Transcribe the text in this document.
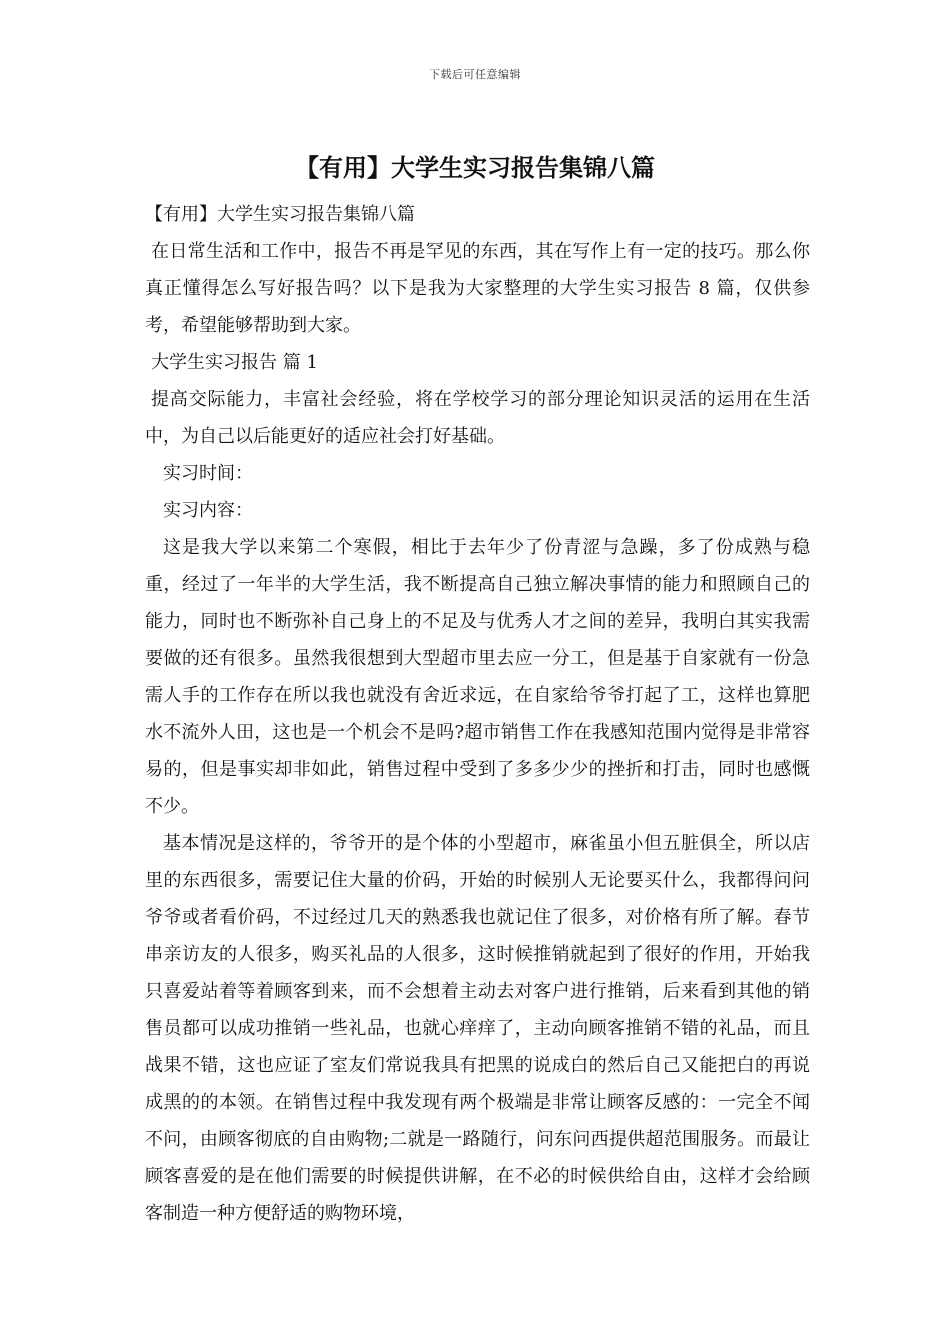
下载后可任意编辑
【有用】大学生实习报告集锦八篇

【有用】大学生实习报告集锦八篇

在日常生活和工作中，报告不再是罕见的东西，其在写作上有一定的技巧。那么你真正懂得怎么写好报告吗？以下是我为大家整理的大学生实习报告 8 篇，仅供参考，希望能够帮助到大家。

大学生实习报告 篇 1

提高交际能力，丰富社会经验，将在学校学习的部分理论知识灵活的运用在生活中，为自己以后能更好的适应社会打好基础。

实习时间：

实习内容：

这是我大学以来第二个寒假，相比于去年少了份青涩与急躁，多了份成熟与稳重，经过了一年半的大学生活，我不断提高自己独立解决事情的能力和照顾自己的能力，同时也不断弥补自己身上的不足及与优秀人才之间的差异，我明白其实我需要做的还有很多。虽然我很想到大型超市里去应一分工，但是基于自家就有一份急需人手的工作存在所以我也就没有舍近求远，在自家给爷爷打起了工，这样也算肥水不流外人田，这也是一个机会不是吗?超市销售工作在我感知范围内觉得是非常容易的，但是事实却非如此，销售过程中受到了多多少少的挫折和打击，同时也感慨不少。

基本情况是这样的，爷爷开的是个体的小型超市，麻雀虽小但五脏俱全，所以店里的东西很多，需要记住大量的价码，开始的时候别人无论要买什么，我都得问问爷爷或者看价码，不过经过几天的熟悉我也就记住了很多，对价格有所了解。春节串亲访友的人很多，购买礼品的人很多，这时候推销就起到了很好的作用，开始我只喜爱站着等着顾客到来，而不会想着主动去对客户进行推销，后来看到其他的销售员都可以成功推销一些礼品，也就心痒痒了，主动向顾客推销不错的礼品，而且战果不错，这也应证了室友们常说我具有把黑的说成白的然后自己又能把白的再说成黑的的本领。在销售过程中我发现有两个极端是非常让顾客反感的：一完全不闻不问，由顾客彻底的自由购物;二就是一路随行，问东问西提供超范围服务。而最让顾客喜爱的是在他们需要的时候提供讲解，在不必的时候供给自由，这样才会给顾客制造一种方便舒适的购物环境，
